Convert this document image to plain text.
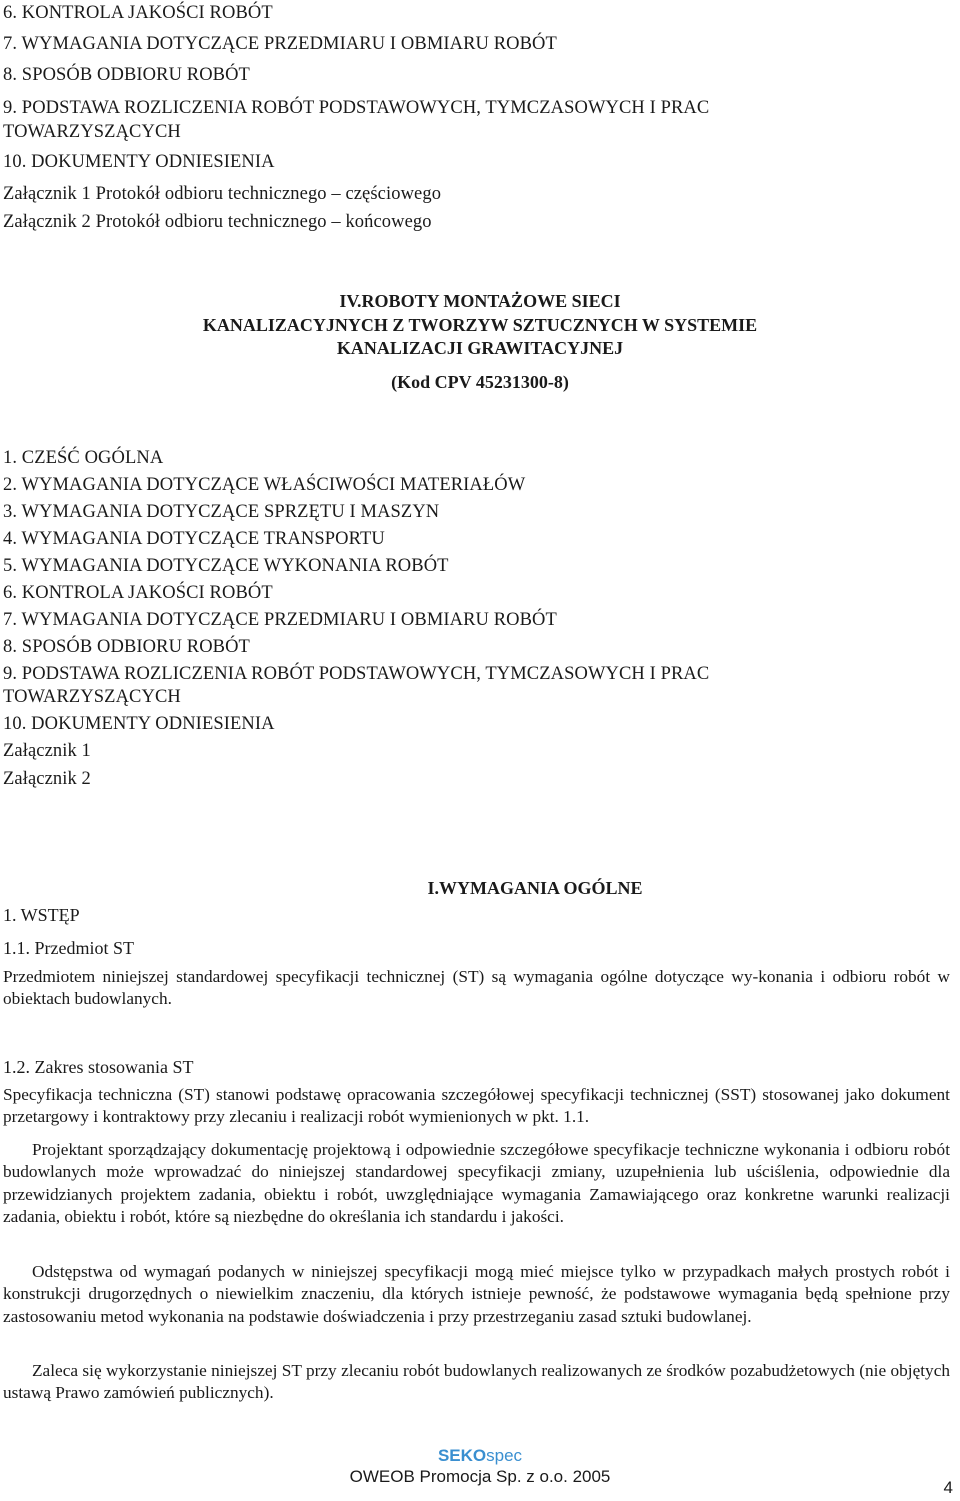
6. KONTROLA JAKOŚCI ROBÓT
7. WYMAGANIA DOTYCZĄCE PRZEDMIARU I OBMIARU ROBÓT
8. SPOSÓB ODBIORU ROBÓT
9. PODSTAWA ROZLICZENIA ROBÓT PODSTAWOWYCH, TYMCZASOWYCH I PRAC
TOWARZYSZĄCYCH
10. DOKUMENTY ODNIESIENIA
Załącznik 1 Protokół odbioru technicznego – częściowego
Załącznik 2 Protokół odbioru technicznego – końcowego
IV.ROBOTY MONTAŻOWE SIECI
KANALIZACYJNYCH Z TWORZYW SZTUCZNYCH W SYSTEMIE
KANALIZACJI GRAWITACYJNEJ
(Kod CPV 45231300-8)
1. CZEŚĆ OGÓLNA
2. WYMAGANIA DOTYCZĄCE WŁAŚCIWOŚCI MATERIAŁÓW
3. WYMAGANIA DOTYCZĄCE SPRZĘTU I MASZYN
4. WYMAGANIA DOTYCZĄCE TRANSPORTU
5. WYMAGANIA DOTYCZĄCE WYKONANIA ROBÓT
6. KONTROLA JAKOŚCI ROBÓT
7. WYMAGANIA DOTYCZĄCE PRZEDMIARU I OBMIARU ROBÓT
8. SPOSÓB ODBIORU ROBÓT
9. PODSTAWA ROZLICZENIA ROBÓT PODSTAWOWYCH, TYMCZASOWYCH I PRAC
TOWARZYSZĄCYCH
10. DOKUMENTY ODNIESIENIA
Załącznik 1
Załącznik 2
I.WYMAGANIA OGÓLNE
1. WSTĘP
1.1. Przedmiot ST

Przedmiotem niniejszej standardowej specyfikacji technicznej (ST) są wymagania ogólne dotyczące wy-konania i odbioru robót w obiektach budowlanych.

1.2. Zakres stosowania ST

Specyfikacja techniczna (ST) stanowi podstawę opracowania szczegółowej specyfikacji technicznej (SST) stosowanej jako dokument przetargowy i kontraktowy przy zlecaniu i realizacji robót wymienionych w pkt. 1.1.

Projektant sporządzający dokumentację projektową i odpowiednie szczegółowe specyfikacje techniczne wykonania i odbioru robót budowlanych może wprowadzać do niniejszej standardowej specyfikacji zmiany, uzupełnienia lub uściślenia, odpowiednie dla przewidzianych projektem zadania, obiektu i robót, uwzględniające wymagania Zamawiającego oraz konkretne warunki realizacji zadania, obiektu i robót, które są niezbędne do określania ich standardu i jakości.

Odstępstwa od wymagań podanych w niniejszej specyfikacji mogą mieć miejsce tylko w przypadkach małych prostych robót i konstrukcji drugorzędnych o niewielkim znaczeniu, dla których istnieje pewność, że podstawowe wymagania będą spełnione przy zastosowaniu metod wykonania na podstawie doświadczenia i przy przestrzeganiu zasad sztuki budowlanej.

Zaleca się wykorzystanie niniejszej ST przy zlecaniu robót budowlanych realizowanych ze środków pozabudżetowych (nie objętych ustawą Prawo zamówień publicznych).

SEKOspec
OWEOB Promocja Sp. z o.o. 2005
4
